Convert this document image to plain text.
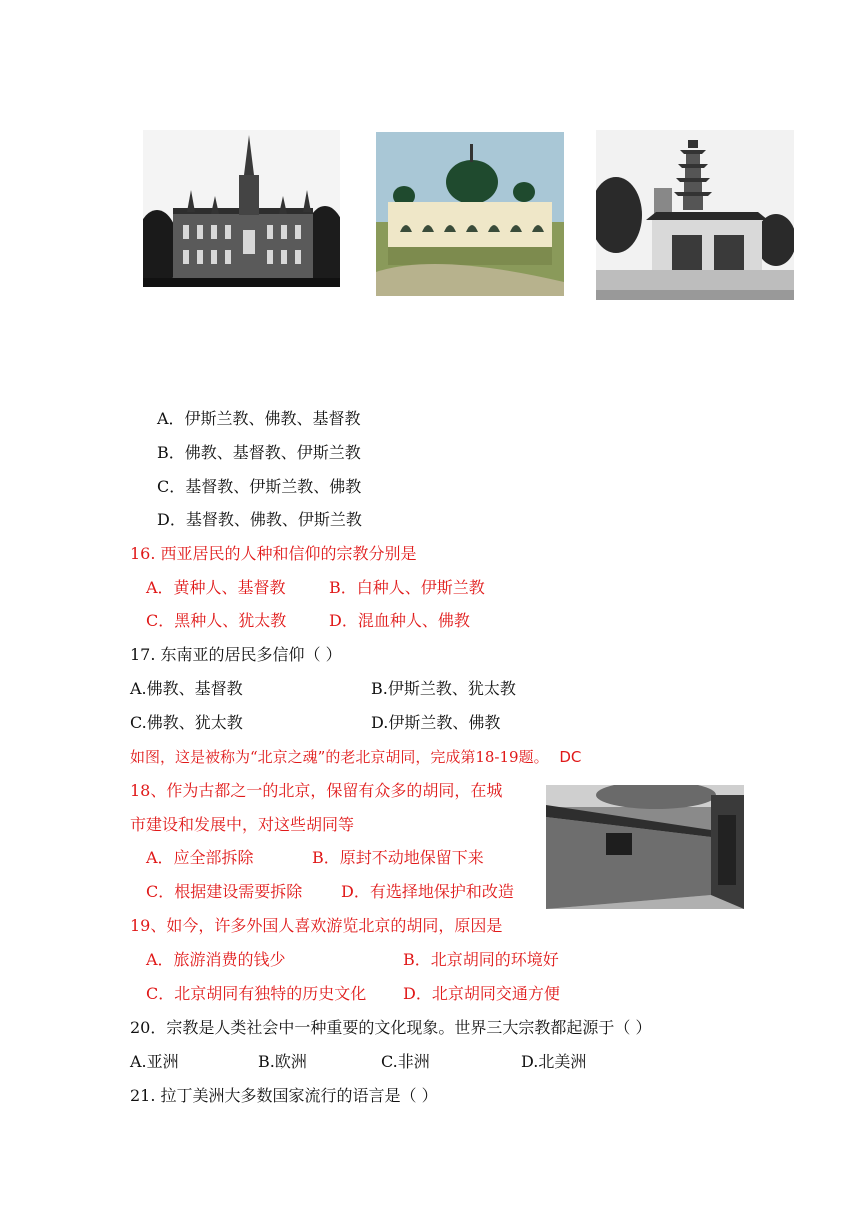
A．伊斯兰教、佛教、基督教
B．佛教、基督教、伊斯兰教
C．基督教、伊斯兰教、佛教
D．基督教、佛教、伊斯兰教
16. 西亚居民的人种和信仰的宗教分别是
A．黄种人、基督教	B．白种人、伊斯兰教
C．黑种人、犹太教	D．混血种人、佛教
17. 东南亚的居民多信仰（ ）
A.佛教、基督教	B.伊斯兰教、犹太教
C.佛教、犹太教	D.伊斯兰教、佛教
如图，这是被称为“北京之魂”的老北京胡同，完成第18-19题。 DC
18、作为古都之一的北京，保留有众多的胡同，在城
市建设和发展中，对这些胡同等
A．应全部拆除	B．原封不动地保留下来
C．根据建设需要拆除 D．有选择地保护和改造
19、如今，许多外国人喜欢游览北京的胡同，原因是
A．旅游消费的钱少	B．北京胡同的环境好
C．北京胡同有独特的历史文化 D．北京胡同交通方便
20．宗教是人类社会中一种重要的文化现象。世界三大宗教都起源于（ ）
A.亚洲	B.欧洲	C.非洲	D.北美洲
21. 拉丁美洲大多数国家流行的语言是（ ）
